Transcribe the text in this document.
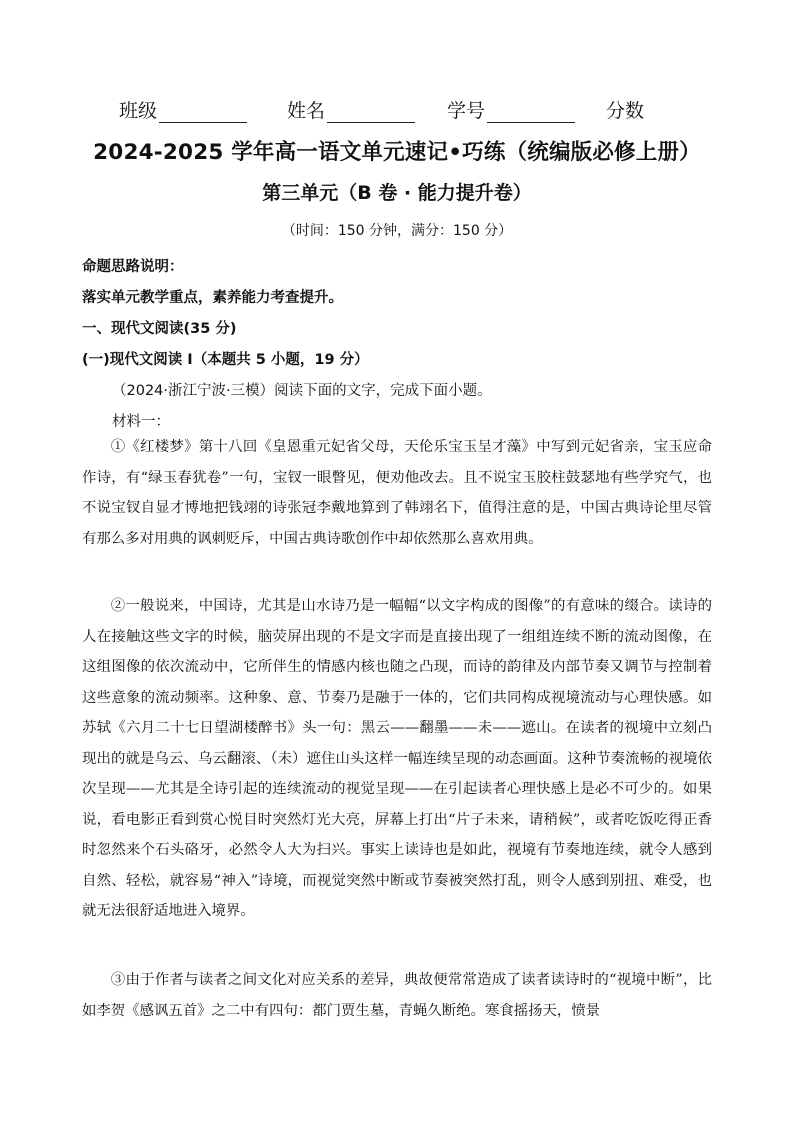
班级	姓名	学号	分数
2024-2025 学年高一语文单元速记•巧练（统编版必修上册）
第三单元（B 卷 · 能力提升卷）
（时间：150 分钟，满分：150 分）
命题思路说明：
落实单元教学重点，素养能力考查提升。
一、现代文阅读(35 分)
(一)现代文阅读 I（本题共 5 小题，19 分）
（2024·浙江宁波·三模）阅读下面的文字，完成下面小题。
材料一：
①《红楼梦》第十八回《皇恩重元妃省父母，天伦乐宝玉呈才藻》中写到元妃省亲，宝玉应命作诗，有“绿玉春犹卷”一句，宝钗一眼瞥见，便劝他改去。且不说宝玉胶柱鼓瑟地有些学究气，也不说宝钗自显才博地把钱翊的诗张冠李戴地算到了韩翊名下，值得注意的是，中国古典诗论里尽管有那么多对用典的讽刺贬斥，中国古典诗歌创作中却依然那么喜欢用典。
②一般说来，中国诗，尤其是山水诗乃是一幅幅“以文字构成的图像”的有意味的缀合。读诗的人在接触这些文字的时候，脑荧屏出现的不是文字而是直接出现了一组组连续不断的流动图像，在这组图像的依次流动中，它所伴生的情感内核也随之凸现，而诗的韵律及内部节奏又调节与控制着这些意象的流动频率。这种象、意、节奏乃是融于一体的，它们共同构成视境流动与心理快感。如苏轼《六月二十七日望湖楼醉书》头一句：黑云——翻墨——未——遮山。在读者的视境中立刻凸现出的就是乌云、乌云翻滚、（未）遮住山头这样一幅连续呈现的动态画面。这种节奏流畅的视境依次呈现——尤其是全诗引起的连续流动的视觉呈现——在引起读者心理快感上是必不可少的。如果说，看电影正看到赏心悦目时突然灯光大亮，屏幕上打出“片子未来，请稍候”，或者吃饭吃得正香时忽然来个石头硌牙，必然令人大为扫兴。事实上读诗也是如此，视境有节奏地连续，就令人感到自然、轻松，就容易“神入”诗境，而视觉突然中断或节奏被突然打乱，则令人感到别扭、难受，也就无法很舒适地进入境界。
③由于作者与读者之间文化对应关系的差异，典故便常常造成了读者读诗时的“视境中断”，比如李贺《感讽五首》之二中有四句：都门贾生墓，青蝇久断绝。寒食摇扬天，愤景
